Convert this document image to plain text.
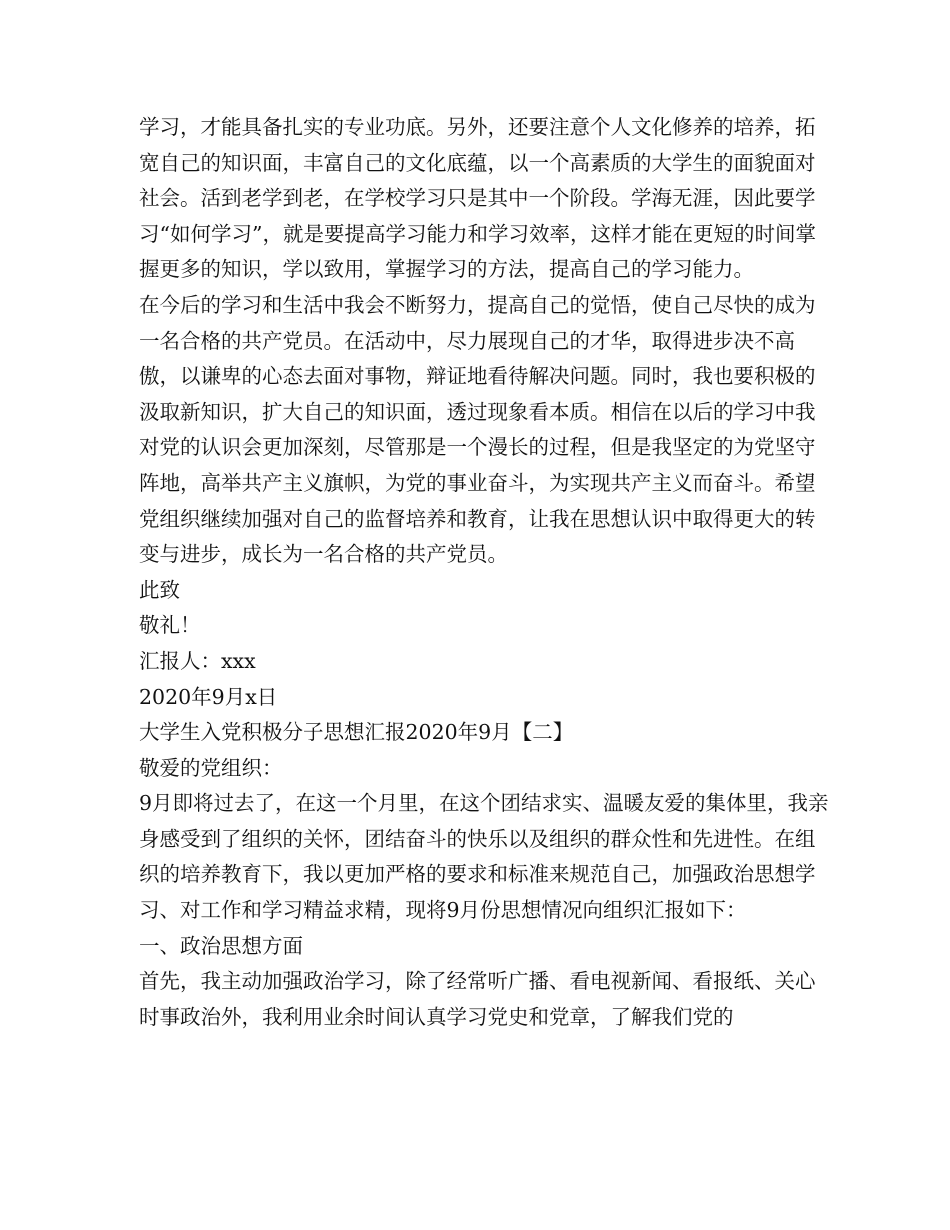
学习，才能具备扎实的专业功底。另外，还要注意个人文化修养的培养，拓宽自己的知识面，丰富自己的文化底蕴，以一个高素质的大学生的面貌面对社会。活到老学到老，在学校学习只是其中一个阶段。学海无涯，因此要学习“如何学习”，就是要提高学习能力和学习效率，这样才能在更短的时间掌握更多的知识，学以致用，掌握学习的方法，提高自己的学习能力。

在今后的学习和生活中我会不断努力，提高自己的觉悟，使自己尽快的成为一名合格的共产党员。在活动中，尽力展现自己的才华，取得进步决不高傲，以谦卑的心态去面对事物，辩证地看待解决问题。同时，我也要积极的汲取新知识，扩大自己的知识面，透过现象看本质。相信在以后的学习中我对党的认识会更加深刻，尽管那是一个漫长的过程，但是我坚定的为党坚守阵地，高举共产主义旗帜，为党的事业奋斗，为实现共产主义而奋斗。希望党组织继续加强对自己的监督培养和教育，让我在思想认识中取得更大的转变与进步，成长为一名合格的共产党员。

此致

敬礼！

汇报人：xxx

2020年9月x日

大学生入党积极分子思想汇报2020年9月【二】

敬爱的党组织：

9月即将过去了，在这一个月里，在这个团结求实、温暖友爱的集体里，我亲身感受到了组织的关怀，团结奋斗的快乐以及组织的群众性和先进性。在组织的培养教育下，我以更加严格的要求和标准来规范自己，加强政治思想学习、对工作和学习精益求精，现将9月份思想情况向组织汇报如下：

一、政治思想方面

首先，我主动加强政治学习，除了经常听广播、看电视新闻、看报纸、关心时事政治外，我利用业余时间认真学习党史和党章，了解我们党的
